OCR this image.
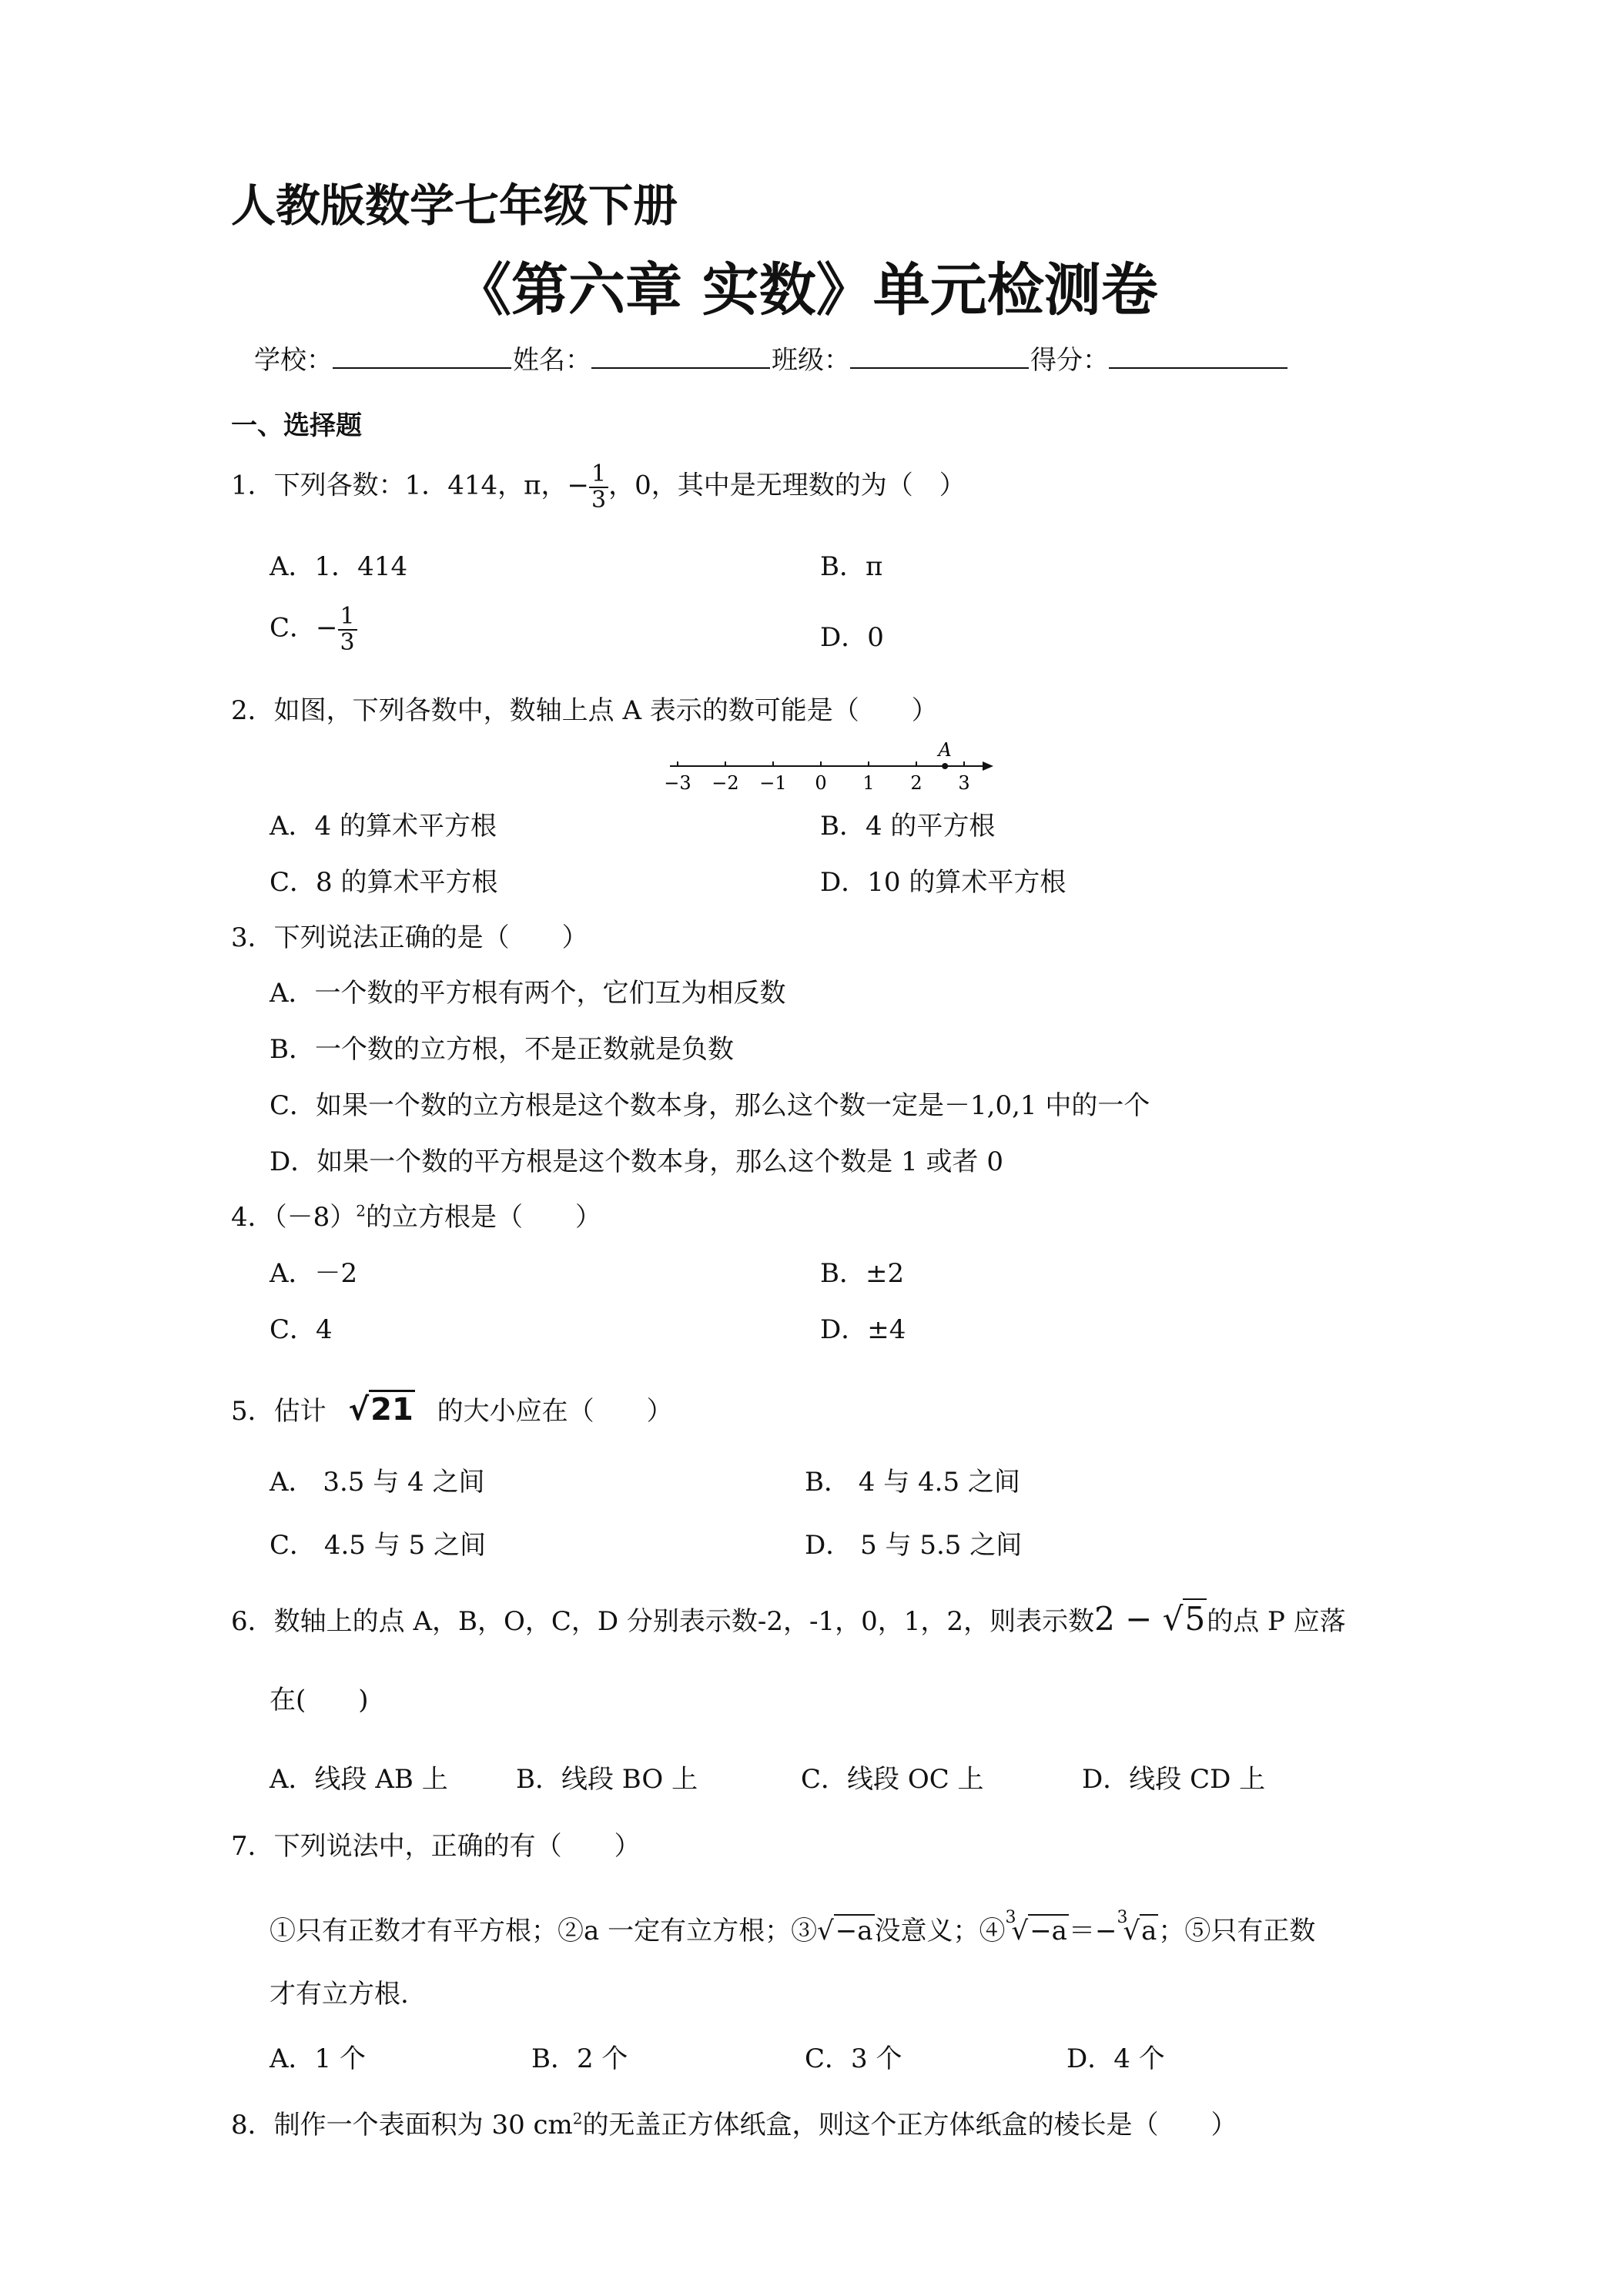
人教版数学七年级下册
《第六章 实数》单元检测卷
学校：	姓名：	班级：	得分：
一、选择题
1．下列各数：1．414，π，− $\frac{1}{3}$ ，0，其中是无理数的为（　）
A．1．414	B．π
C．− $\frac{1}{3}$	D．0
2．如图，下列各数中，数轴上点 A 表示的数可能是（　　）
−3 −2 −1 0 1 2 3
A
A．4 的算术平方根	B．4 的平方根
C．8 的算术平方根	D．10 的算术平方根
3．下列说法正确的是（　　）
A．一个数的平方根有两个，它们互为相反数
B．一个数的立方根，不是正数就是负数
C．如果一个数的立方根是这个数本身，那么这个数一定是－1,0,1 中的一个
D．如果一个数的平方根是这个数本身，那么这个数是 1 或者 0
4．$(-8)^2$的立方根是（　　）
A．－2	B．±2
C．4	D．±4
5．估计 √21 的大小应在（　　）
A． 3.5 与 4 之间	B． 4 与 4.5 之间
C． 4.5 与 5 之间	D． 5 与 5.5 之间
6．数轴上的点 A，B，O，C，D 分别表示数-2，-1，0，1，2，则表示数2 − √5的点 P 应落
在(　　)
A．线段 AB 上	B．线段 BO 上	C．线段 OC 上	D．线段 CD 上
7．下列说法中，正确的有（　　）
①只有正数才有平方根；②a 一定有立方根；③√−a没意义；④$^3$√−a＝−$^3$√a；⑤只有正数
才有立方根.
A．1 个	B．2 个	C．3 个	D．4 个
8．制作一个表面积为 30 $cm^2$的无盖正方体纸盒，则这个正方体纸盒的棱长是（　　）
